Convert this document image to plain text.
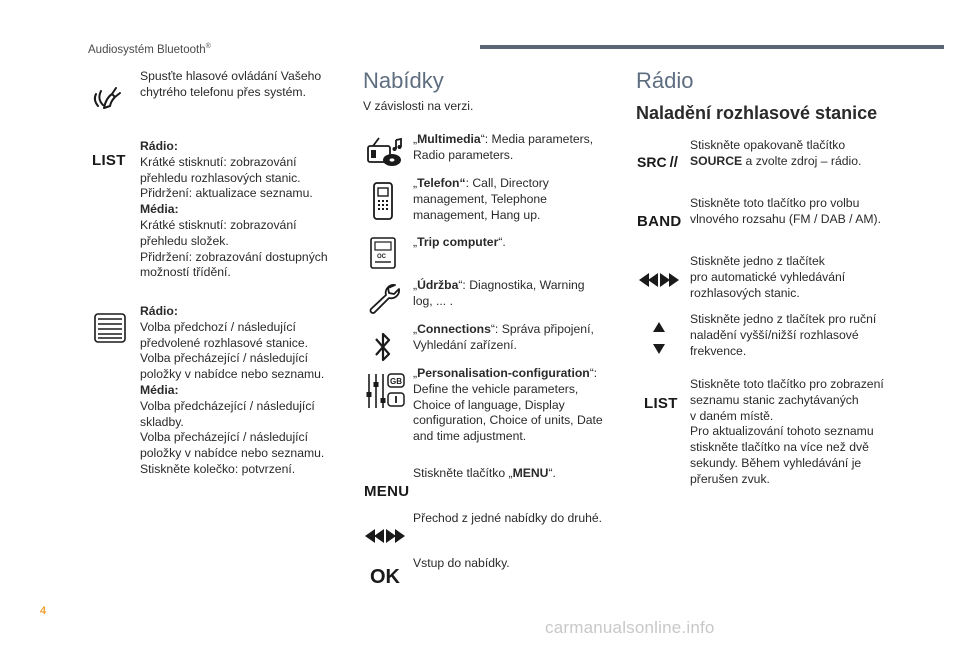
Audiosystém Bluetooth®
Spusťte hlasové ovládání Vašeho
chytrého telefonu přes systém.
LIST
Rádio:
Krátké stisknutí: zobrazování
přehledu rozhlasových stanic.
Přidržení: aktualizace seznamu.
Média:
Krátké stisknutí: zobrazování
přehledu složek.
Přidržení: zobrazování dostupných
možností třídění.
Rádio:
Volba předchozí / následující
předvolené rozhlasové stanice.
Volba přecházející / následující
položky v nabídce nebo seznamu.
Média:
Volba předcházející / následující
skladby.
Volba přecházející / následující
položky v nabídce nebo seznamu.
Stiskněte kolečko: potvrzení.
Nabídky
V závislosti na verzi.
„Multimedia“: Media parameters,
Radio parameters.
„Telefon“: Call, Directory
management, Telephone
management, Hang up.
OC
„Trip computer“.
„Údržba“: Diagnostika, Warning
log, ... .
„Connections“: Správa připojení,
Vyhledání zařízení.
GB
„Personalisation-configuration“:
Define the vehicle parameters,
Choice of language, Display
configuration, Choice of units, Date
and time adjustment.
MENU
Stiskněte tlačítko „MENU“.
Přechod z jedné nabídky do druhé.
OK
Vstup do nabídky.
Rádio
Naladění rozhlasové stanice
SRC //
Stiskněte opakovaně tlačítko
SOURCE a zvolte zdroj – rádio.
BAND
Stiskněte toto tlačítko pro volbu
vlnového rozsahu (FM / DAB / AM).
Stiskněte jedno z tlačítek
pro automatické vyhledávání
rozhlasových stanic.
Stiskněte jedno z tlačítek pro ruční
naladění vyšší/nižší rozhlasové
frekvence.
LIST
Stiskněte toto tlačítko pro zobrazení
seznamu stanic zachytávaných
v daném místě.
Pro aktualizování tohoto seznamu
stiskněte tlačítko na více než dvě
sekundy. Během vyhledávání je
přerušen zvuk.
4
carmanualsonline.info
